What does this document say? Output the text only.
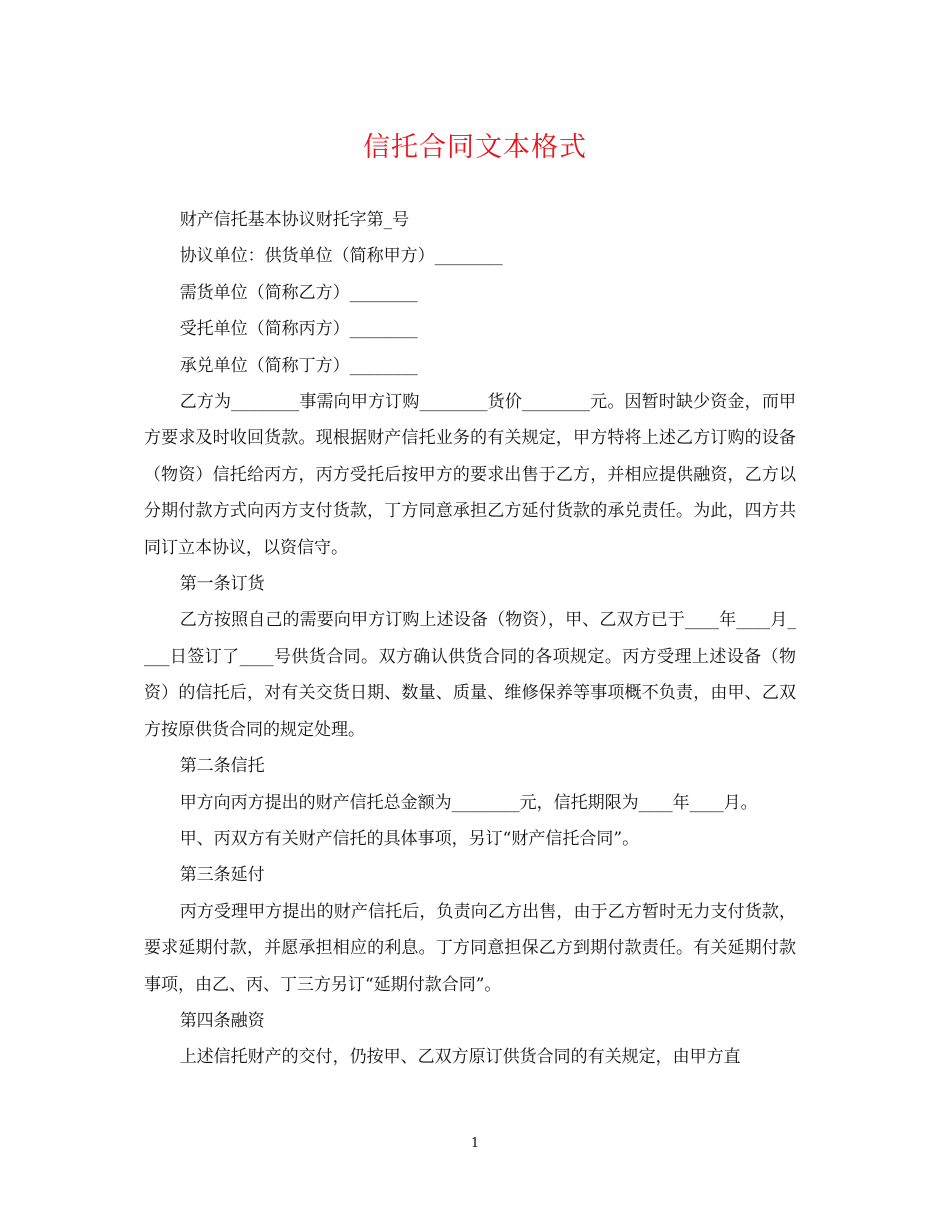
信托合同文本格式

财产信托基本协议财托字第_号

协议单位：供货单位（简称甲方）________

需货单位（简称乙方）________

受托单位（简称丙方）________

承兑单位（简称丁方）________

乙方为________事需向甲方订购________货价________元。因暂时缺少资金，而甲方要求及时收回货款。现根据财产信托业务的有关规定，甲方特将上述乙方订购的设备（物资）信托给丙方，丙方受托后按甲方的要求出售于乙方，并相应提供融资，乙方以分期付款方式向丙方支付货款，丁方同意承担乙方延付货款的承兑责任。为此，四方共同订立本协议，以资信守。

第一条订货

乙方按照自己的需要向甲方订购上述设备（物资），甲、乙双方已于____年____月____日签订了____号供货合同。双方确认供货合同的各项规定。丙方受理上述设备（物资）的信托后，对有关交货日期、数量、质量、维修保养等事项概不负责，由甲、乙双方按原供货合同的规定处理。

第二条信托

甲方向丙方提出的财产信托总金额为________元，信托期限为____年____月。

甲、丙双方有关财产信托的具体事项，另订“财产信托合同”。

第三条延付

丙方受理甲方提出的财产信托后，负责向乙方出售，由于乙方暂时无力支付货款，要求延期付款，并愿承担相应的利息。丁方同意担保乙方到期付款责任。有关延期付款事项，由乙、丙、丁三方另订“延期付款合同”。

第四条融资

上述信托财产的交付，仍按甲、乙双方原订供货合同的有关规定，由甲方直

1
